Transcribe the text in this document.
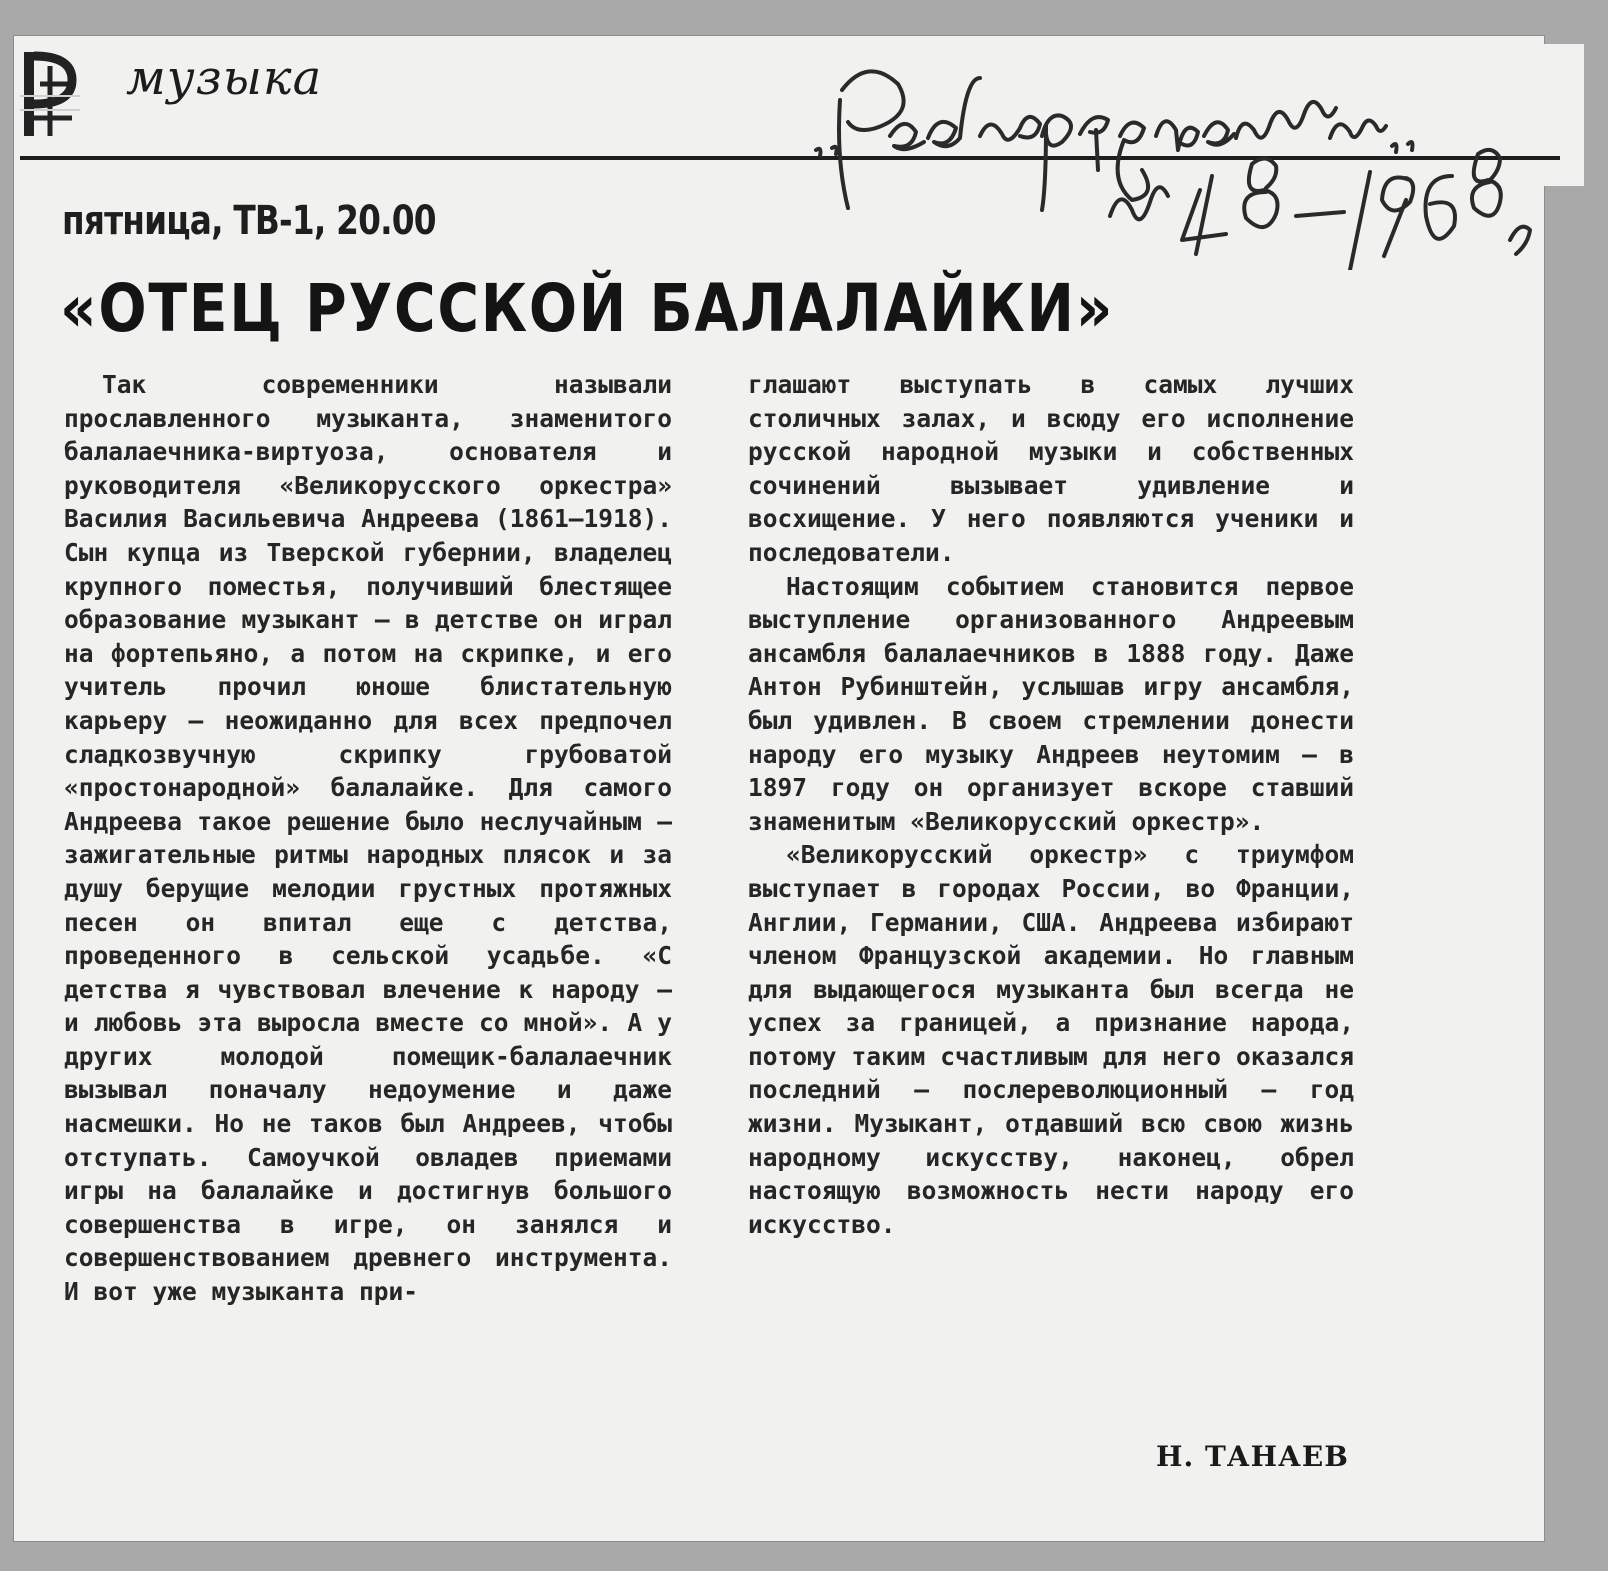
музыка
пятница, ТВ-1, 20.00
«ОТЕЦ РУССКОЙ БАЛАЛАЙКИ»

Так современники называли прославленного музыканта, знаменитого балалаечника-виртуоза, основателя и руководителя «Великорусского оркестра» Василия Васильевича Андреева (1861—1918). Сын купца из Тверской губернии, владелец крупного поместья, получивший блестящее образование музыкант — в детстве он играл на фортепьяно, а потом на скрипке, и его учитель прочил юноше блистательную карьеру — неожиданно для всех предпочел сладкозвучную скрипку грубоватой «простонародной» балалайке. Для самого Андреева такое решение было неслучайным — зажигательные ритмы народных плясок и за душу берущие мелодии грустных протяжных песен он впитал еще с детства, проведенного в сельской усадьбе. «С детства я чувствовал влечение к народу — и любовь эта выросла вместе со мной». А у других молодой помещик-балалаечник вызывал поначалу недоумение и даже насмешки. Но не таков был Андреев, чтобы отступать. Самоучкой овладев приемами игры на балалайке и достигнув большого совершенства в игре, он занялся и совершенствованием древнего инструмента. И вот уже музыканта при-

глашают выступать в самых лучших столичных залах, и всюду его исполнение русской народной музыки и собственных сочинений вызывает удивление и восхищение. У него появляются ученики и последователи.

Настоящим событием становится первое выступление организованного Андреевым ансамбля балалаечников в 1888 году. Даже Антон Рубинштейн, услышав игру ансамбля, был удивлен. В своем стремлении донести народу его музыку Андреев неутомим — в 1897 году он организует вскоре ставший знаменитым «Великорусский оркестр».

«Великорусский оркестр» с триумфом выступает в городах России, во Франции, Англии, Германии, США. Андреева избирают членом Французской академии. Но главным для выдающегося музыканта был всегда не успех за границей, а признание народа, потому таким счастливым для него оказался последний — послереволюционный — год жизни. Музыкант, отдавший всю свою жизнь народному искусству, наконец, обрел настоящую возможность нести народу его искусство.

Н. ТАНАЕВ
